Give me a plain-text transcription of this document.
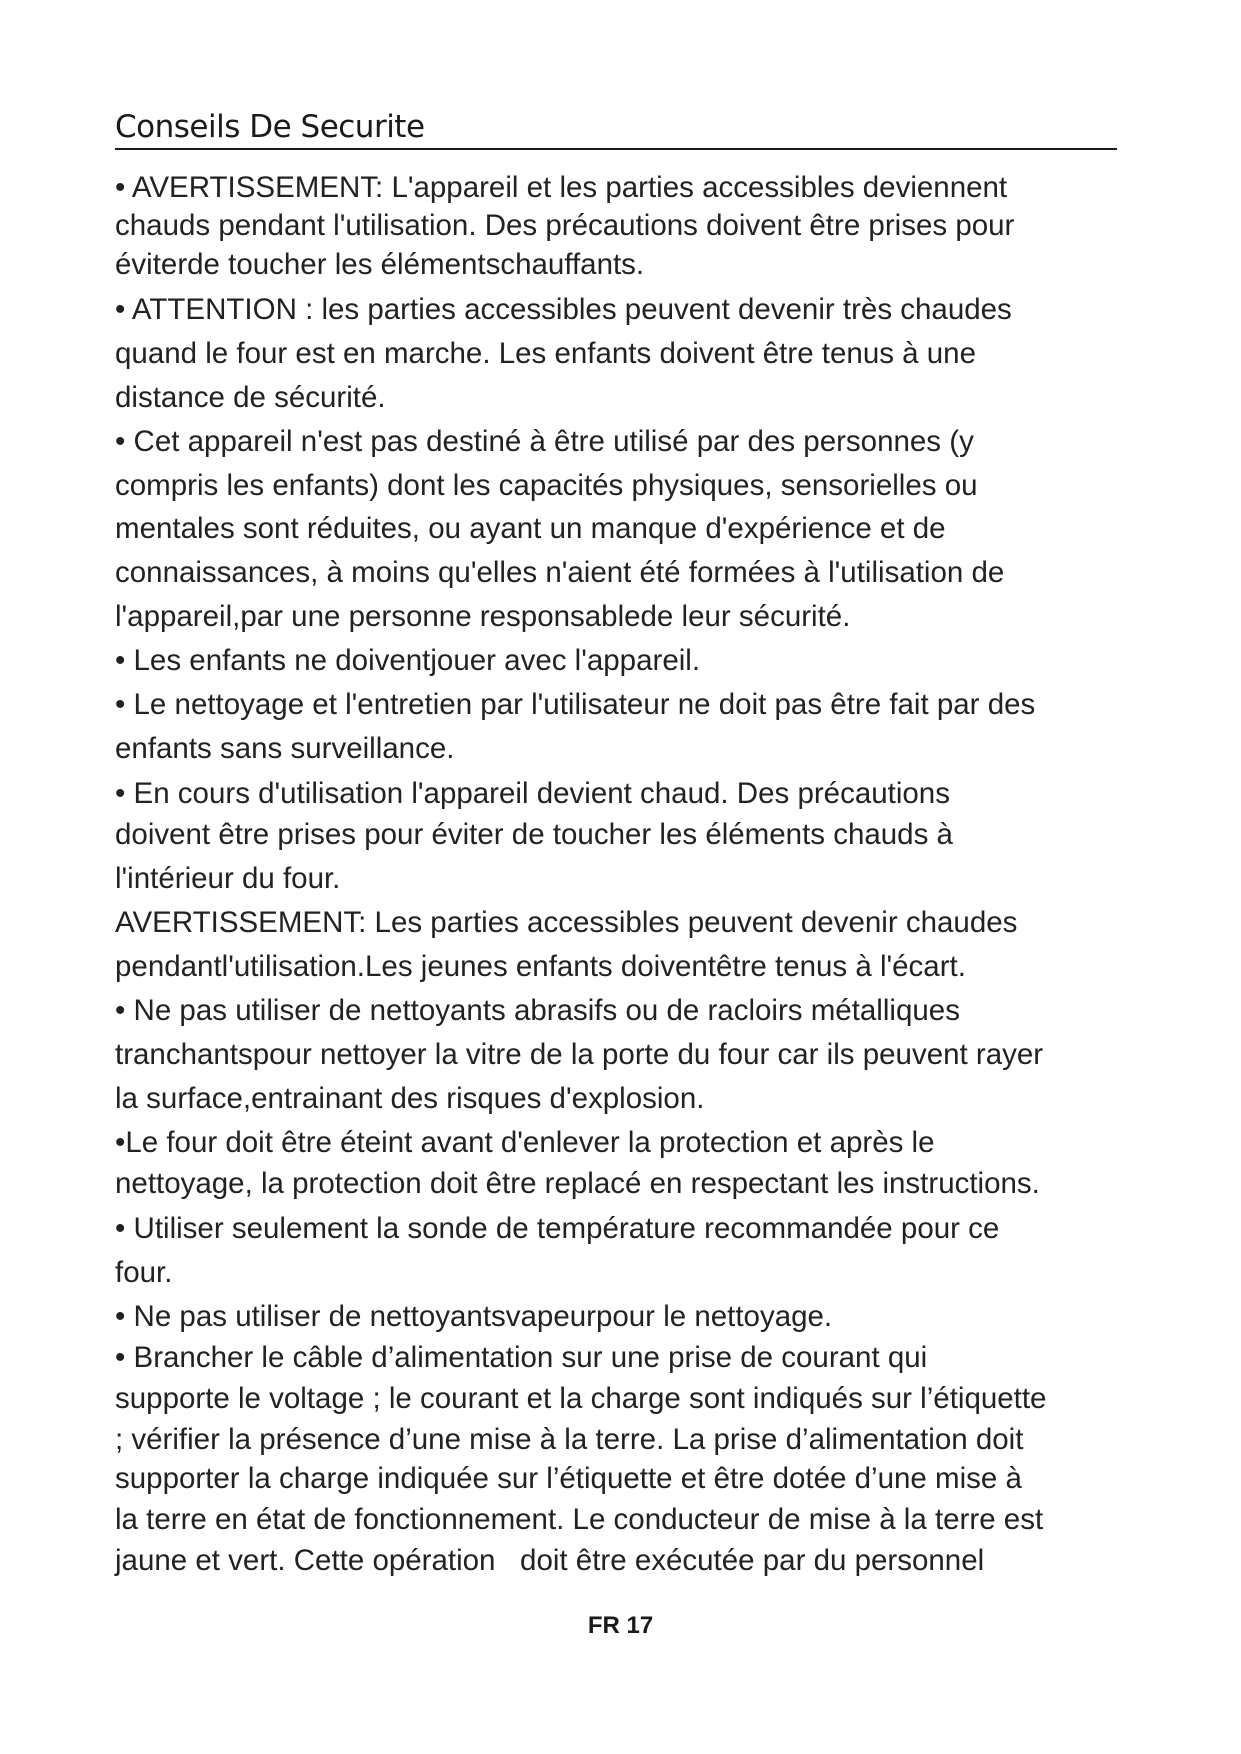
Conseils De Securite

• AVERTISSEMENT: L'appareil et les parties accessibles deviennent

chauds pendant l'utilisation. Des précautions doivent être prises pour

éviterde toucher les élémentschauffants.

• ATTENTION : les parties accessibles peuvent devenir très chaudes

quand le four est en marche. Les enfants doivent être tenus à une

distance de sécurité.

• Cet appareil n'est pas destiné à être utilisé par des personnes (y

compris les enfants) dont les capacités physiques, sensorielles ou

mentales sont réduites, ou ayant un manque d'expérience et de

connaissances, à moins qu'elles n'aient été formées à l'utilisation de

l'appareil,par une personne responsablede leur sécurité.

• Les enfants ne doiventjouer avec l'appareil.

• Le nettoyage et l'entretien par l'utilisateur ne doit pas être fait par des

enfants sans surveillance.

• En cours d'utilisation l'appareil devient chaud. Des précautions

doivent être prises pour éviter de toucher les éléments chauds à

l'intérieur du four.

AVERTISSEMENT: Les parties accessibles peuvent devenir chaudes

pendantl'utilisation.Les jeunes enfants doiventêtre tenus à l'écart.

• Ne pas utiliser de nettoyants abrasifs ou de racloirs métalliques

tranchantspour nettoyer la vitre de la porte du four car ils peuvent rayer

la surface,entrainant des risques d'explosion.

•Le four doit être éteint avant d'enlever la protection et après le

nettoyage, la protection doit être replacé en respectant les instructions.

• Utiliser seulement la sonde de température recommandée pour ce

four.

• Ne pas utiliser de nettoyantsvapeurpour le nettoyage.

• Brancher le câble d’alimentation sur une prise de courant qui

supporte le voltage ; le courant et la charge sont indiqués sur l’étiquette

; vérifier la présence d’une mise à la terre. La prise d’alimentation doit

supporter la charge indiquée sur l’étiquette et être dotée d’une mise à

la terre en état de fonctionnement. Le conducteur de mise à la terre est

jaune et vert. Cette opération   doit être exécutée par du personnel

FR 17
